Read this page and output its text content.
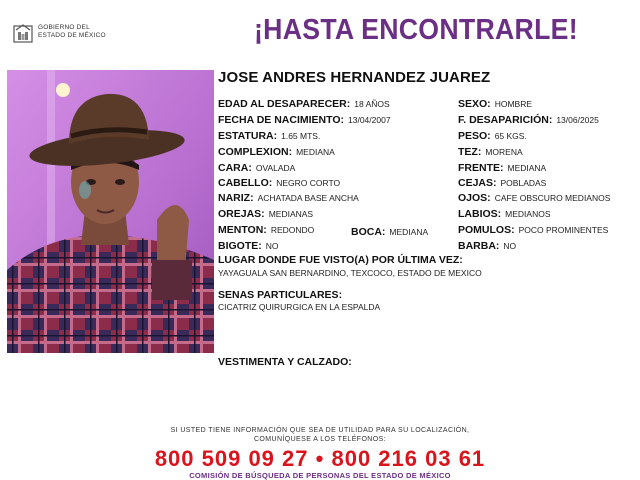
GOBIERNO DEL
ESTADO DE MÉXICO	¡HASTA ENCONTRARLE!
JOSE ANDRES HERNANDEZ JUAREZ
EDAD AL DESAPARECER: 18 AÑOS
FECHA DE NACIMIENTO: 13/04/2007
ESTATURA: 1.65 MTS.
COMPLEXION: MEDIANA
CARA: OVALADA
CABELLO: NEGRO CORTO
NARIZ: ACHATADA BASE ANCHA
OREJAS: MEDIANAS
MENTON: REDONDO	BOCA: MEDIANA
BIGOTE: NO
SEXO: HOMBRE
F. DESAPARICIÓN: 13/06/2025
PESO: 65 KGS.
TEZ: MORENA
FRENTE: MEDIANA
CEJAS: POBLADAS
OJOS: CAFE OBSCURO MEDIANOS
LABIOS: MEDIANOS
POMULOS: POCO PROMINENTES
BARBA: NO
LUGAR DONDE FUE VISTO(A) POR ÚLTIMA VEZ:
YAYAGUALA SAN BERNARDINO, TEXCOCO, ESTADO DE MEXICO
SENAS PARTICULARES:
CICATRIZ QUIRURGICA EN LA ESPALDA
VESTIMENTA Y CALZADO:
SI USTED TIENE INFORMACIÓN QUE SEA DE UTILIDAD PARA SU LOCALIZACIÓN,
COMUNÍQUESE A LOS TELÉFONOS:
800 509 09 27 • 800 216 03 61
COMISIÓN DE BÚSQUEDA DE PERSONAS DEL ESTADO DE MÉXICO
